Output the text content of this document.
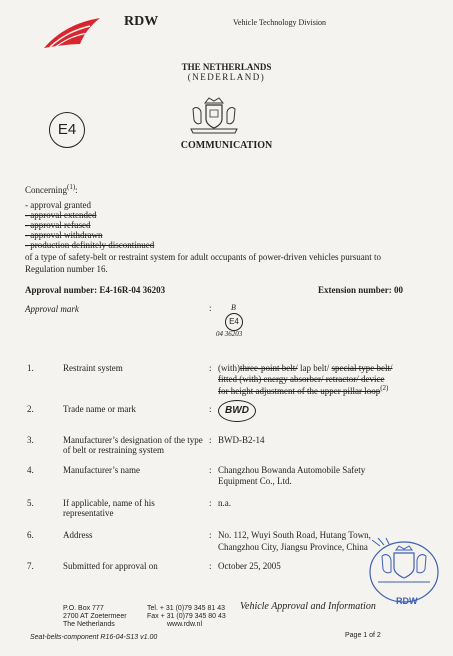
RDW	Vehicle Technology Division
THE NETHERLANDS
(NEDERLAND)
E4
COMMUNICATION
Concerning$^{(1)}$:
- approval granted
- approval extended
- approval refused
- approval withdrawn
- production definitely discontinued
of a type of safety-belt or restraint system for adult occupants of power-driven vehicles pursuant to
Regulation number 16.
Approval number: E4-16R-04 36203	Extension number: 00
Approval mark	: B
E4
04 36203
1.	Restraint system	: (with)three-point belt/ lap belt/ special type belt/
fitted (with) energy absorber/ retractor/ device
for height adjustment of the upper pillar loop$^{(2)}$
2.	Trade name or mark	:	BWD
3.	Manufacturer’s designation of the type
of belt or restraining system
: BWD-B2-14
4.	Manufacturer’s name	: Changzhou Bowanda Automobile Safety
Equipment Co., Ltd.
5.	If applicable, name of his
representative
: n.a.
6.	Address	: No. 112, Wuyi South Road, Hutang Town,
Changzhou City, Jiangsu Province, China
7.	Submitted for approval on	: October 25, 2005
RDW
P.O. Box 777
2700 AT Zoetermeer
The Netherlands
Tel. + 31 (0)79 345 81 43
Fax + 31 (0)79 345 80 43
www.rdw.nl
Vehicle Approval and Information
Seat-belts-component R16-04-S13 v1.00	Page 1 of 2
